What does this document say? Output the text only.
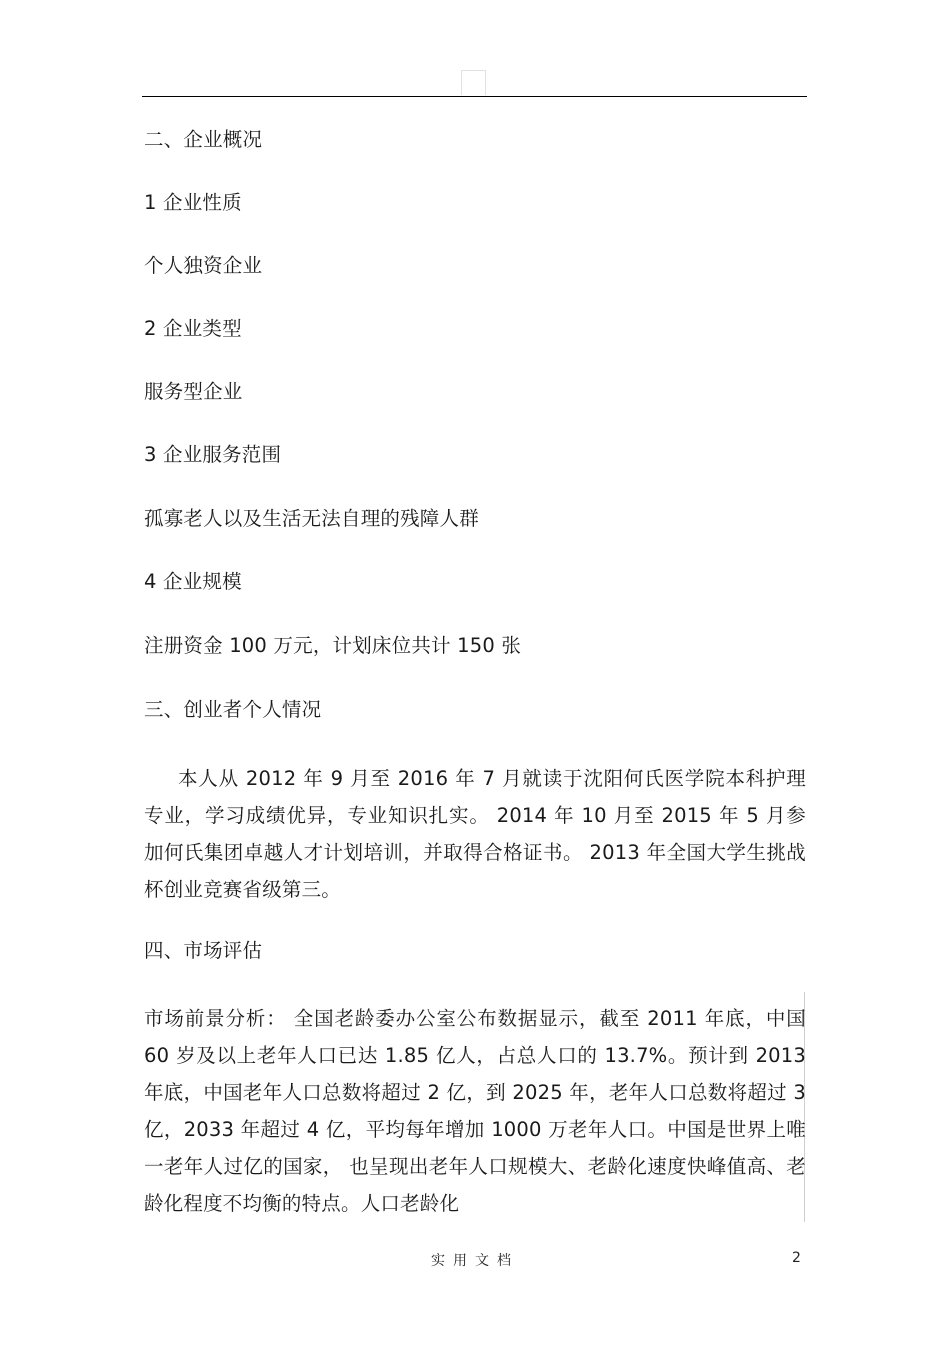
二、企业概况
1 企业性质
个人独资企业
2 企业类型
服务型企业
3 企业服务范围
孤寡老人以及生活无法自理的残障人群
4 企业规模
注册资金 100 万元，计划床位共计 150 张
三、创业者个人情况
本人从 2012 年 9 月至 2016 年 7 月就读于沈阳何氏医学院本科护理专业，学习成绩优异，专业知识扎实。 2014 年 10 月至 2015 年 5 月参加何氏集团卓越人才计划培训，并取得合格证书。 2013 年全国大学生挑战杯创业竞赛省级第三。
四、市场评估
市场前景分析： 全国老龄委办公室公布数据显示，截至 2011 年底，中国 60 岁及以上老年人口已达 1.85 亿人，占总人口的 13.7%。预计到 2013 年底，中国老年人口总数将超过 2 亿，到 2025 年，老年人口总数将超过 3 亿，2033 年超过 4 亿，平均每年增加 1000 万老年人口。中国是世界上唯一老年人过亿的国家， 也呈现出老年人口规模大、老龄化速度快峰值高、老龄化程度不均衡的特点。人口老龄化
实用文档	2
